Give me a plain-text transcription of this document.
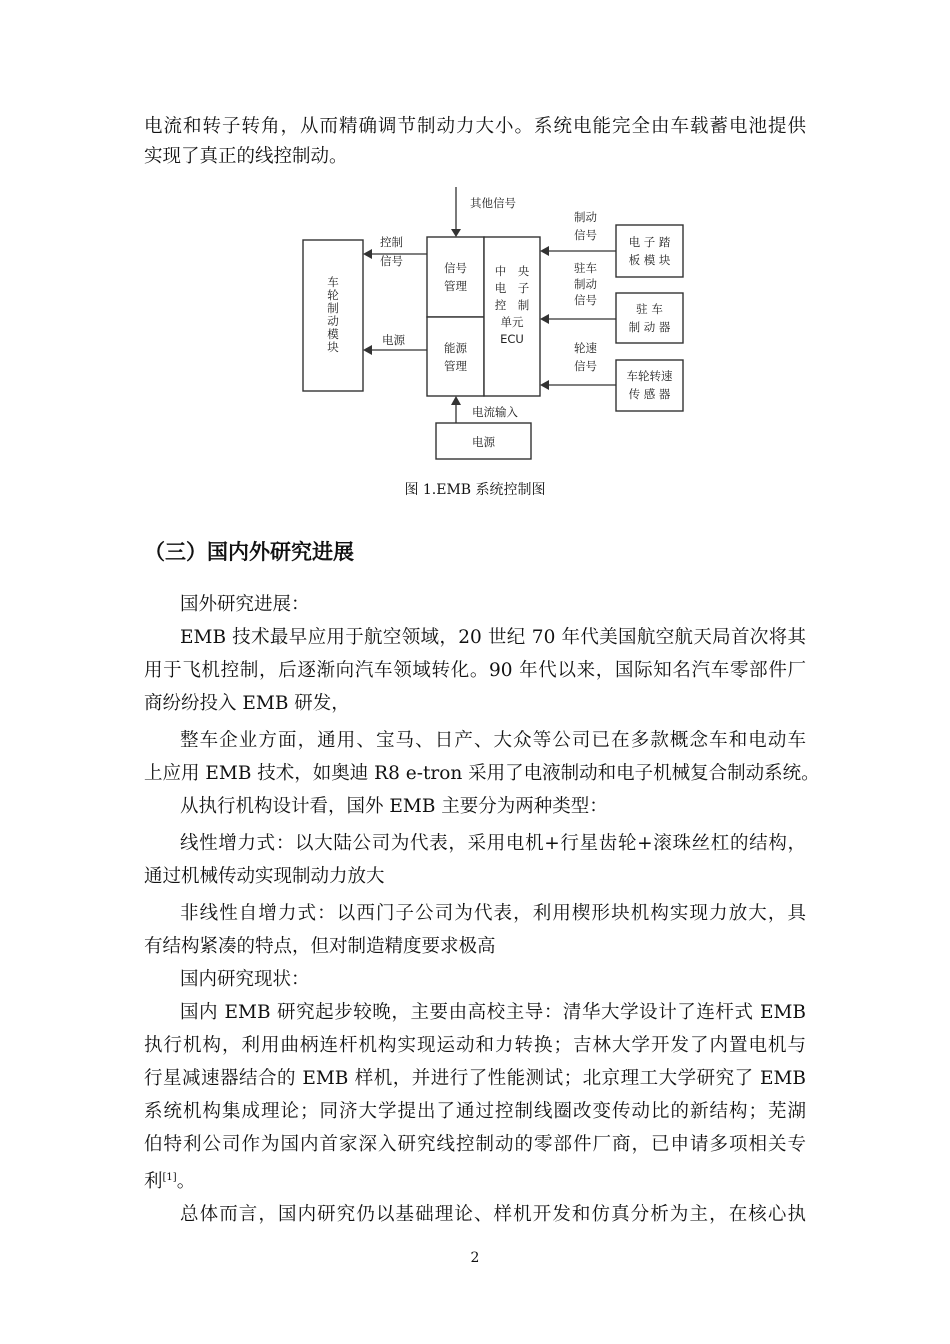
电流和转子转角，从而精确调节制动力大小。系统电能完全由车载蓄电池提供
实现了真正的线控制动。
车
轮
制
动
模
块
其他信号
制动
信号
驻车
制动
信号
轮速
信号
控制
信号
电源
电流输入
信号
管理
能源
管理
中　央
电　子
控　制
单元
ECU
电 子 踏
板 模 块
驻 车
制 动 器
车轮转速
传 感 器
电源
图 1.EMB 系统控制图
（三）国内外研究进展
国外研究进展：
EMB 技术最早应用于航空领域，20 世纪 70 年代美国航空航天局首次将其
用于飞机控制，后逐渐向汽车领域转化。90 年代以来，国际知名汽车零部件厂
商纷纷投入 EMB 研发，
整车企业方面，通用、宝马、日产、大众等公司已在多款概念车和电动车
上应用 EMB 技术，如奥迪 R8 e-tron 采用了电液制动和电子机械复合制动系统。
从执行机构设计看，国外 EMB 主要分为两种类型：
线性增力式：以大陆公司为代表，采用电机+行星齿轮+滚珠丝杠的结构，
通过机械传动实现制动力放大
非线性自增力式：以西门子公司为代表，利用楔形块机构实现力放大，具
有结构紧凑的特点，但对制造精度要求极高
国内研究现状：
国内 EMB 研究起步较晚，主要由高校主导：清华大学设计了连杆式 EMB
执行机构，利用曲柄连杆机构实现运动和力转换；吉林大学开发了内置电机与
行星减速器结合的 EMB 样机，并进行了性能测试；北京理工大学研究了 EMB
系统机构集成理论；同济大学提出了通过控制线圈改变传动比的新结构；芜湖
伯特利公司作为国内首家深入研究线控制动的零部件厂商，已申请多项相关专
利[1]。
总体而言，国内研究仍以基础理论、样机开发和仿真分析为主，在核心执
2
